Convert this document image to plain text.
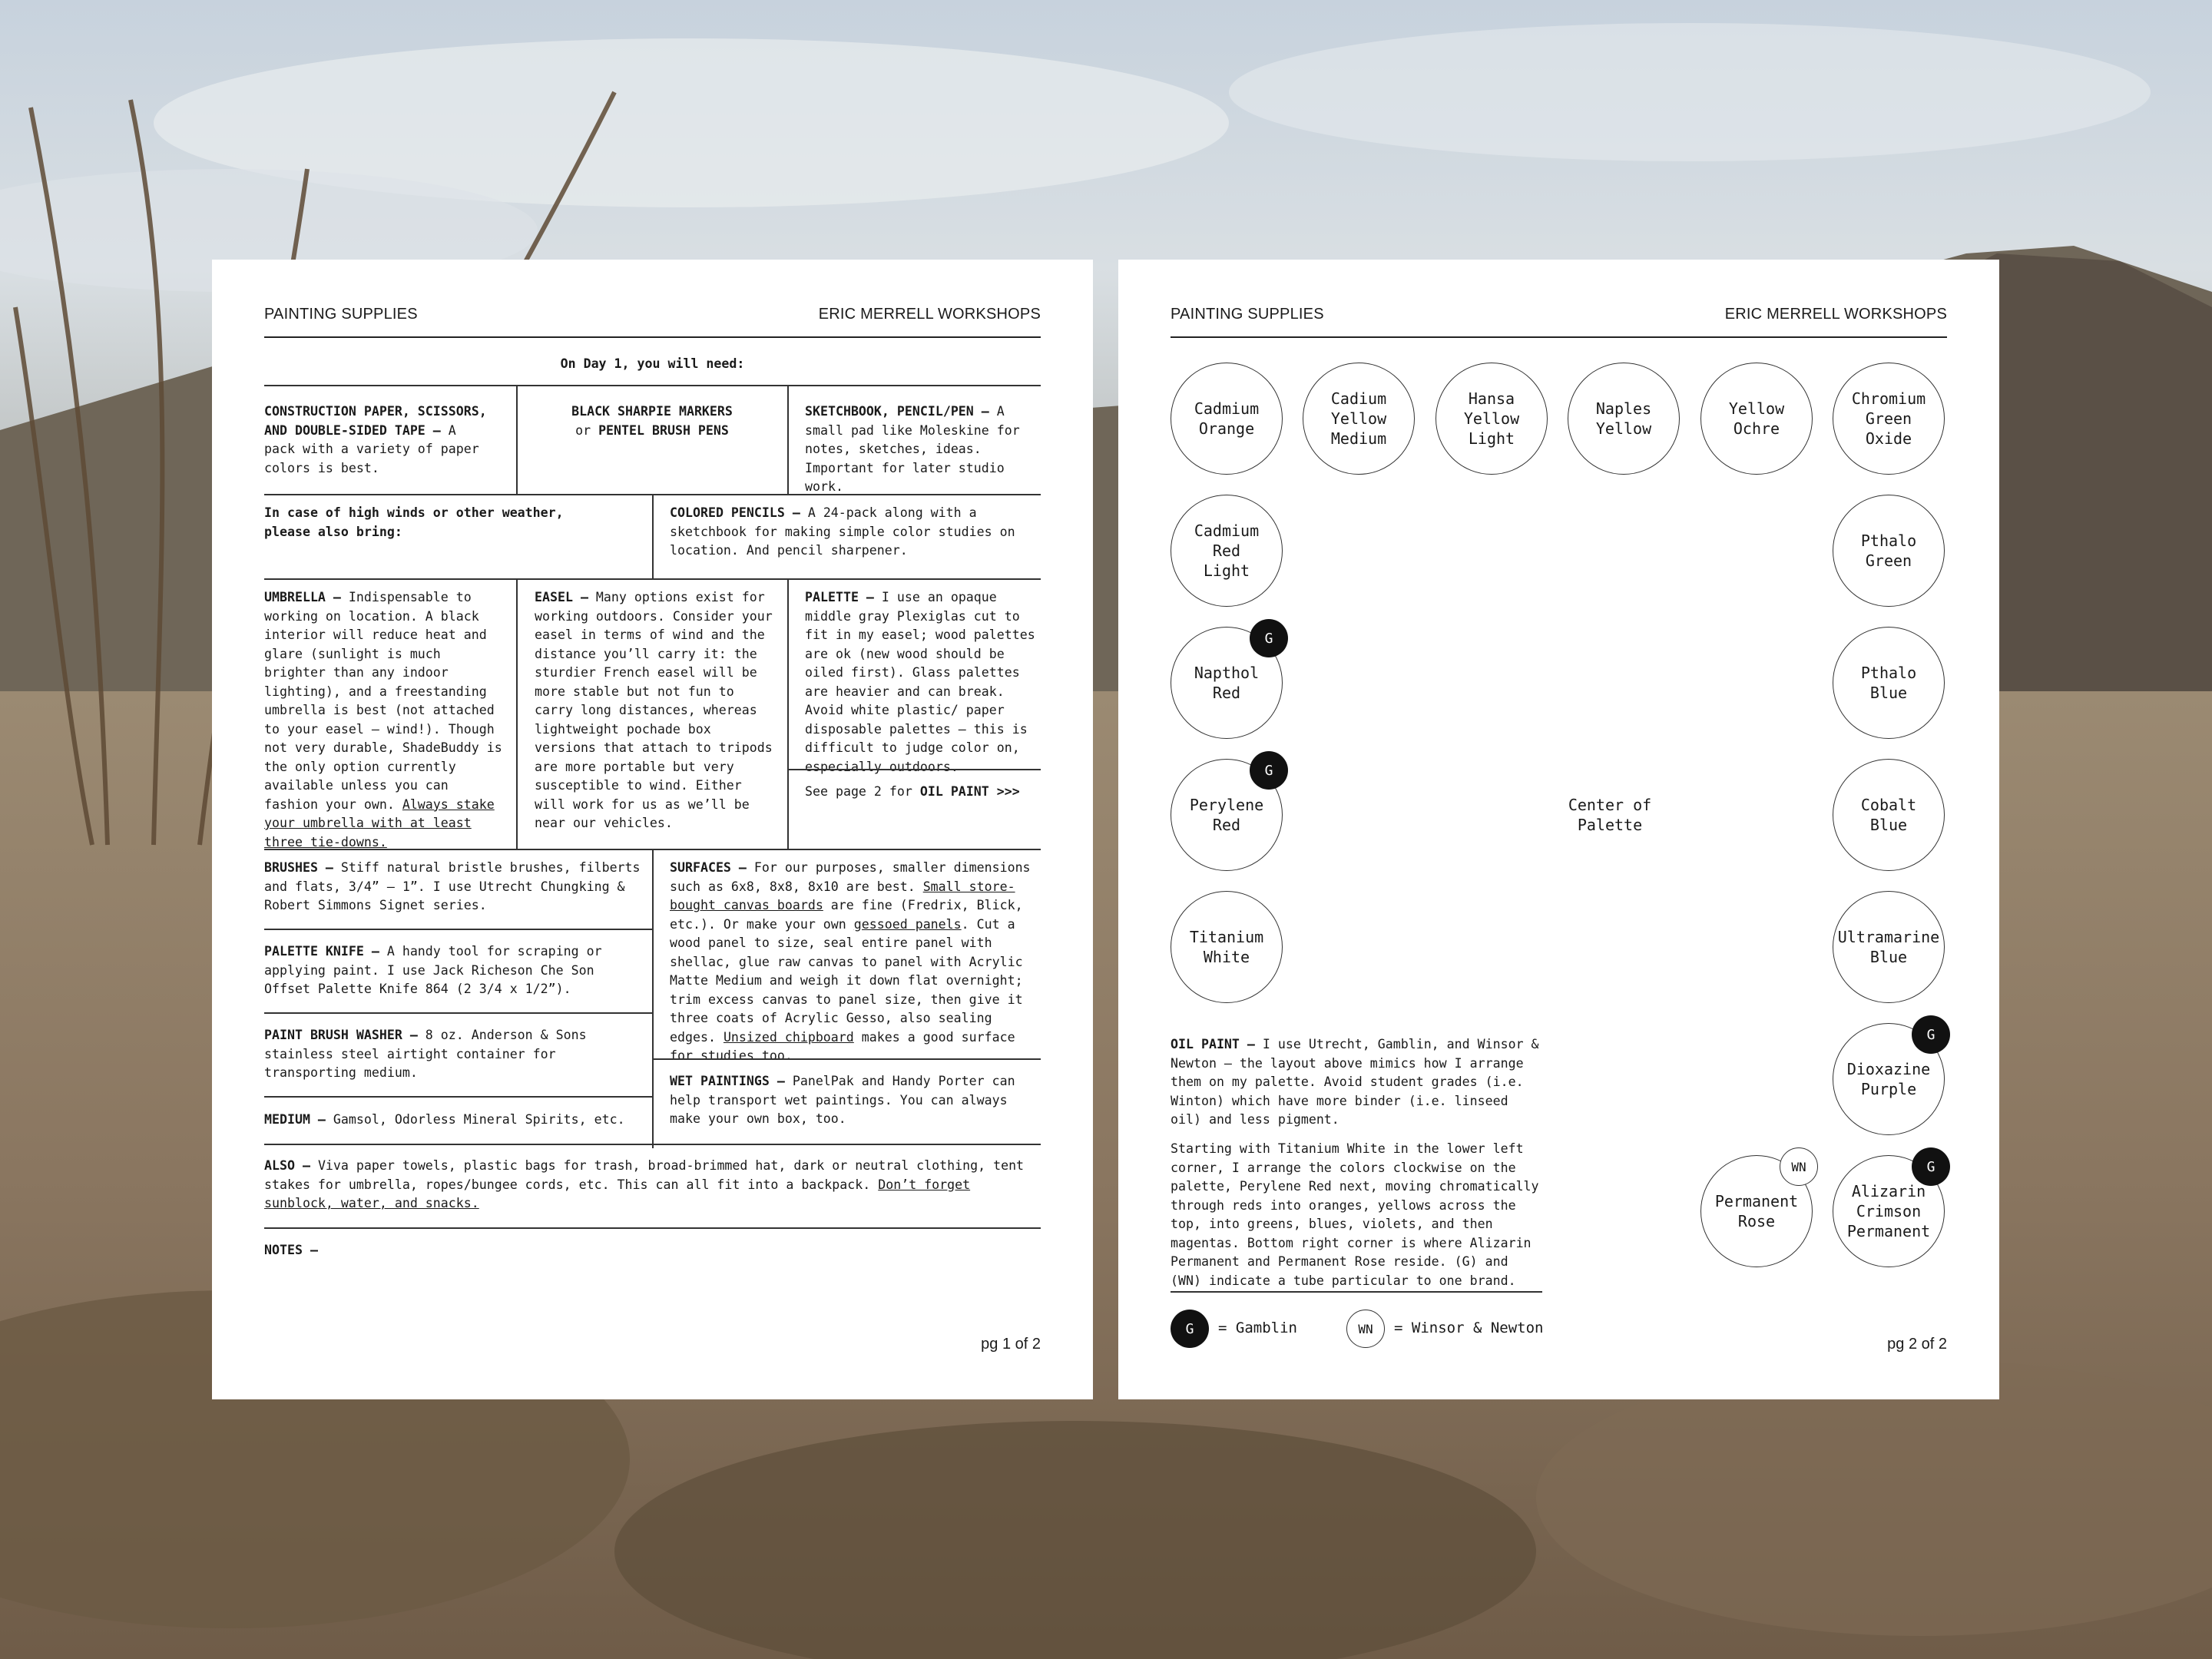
PAINTING SUPPLIES	ERIC MERRELL WORKSHOPS
On Day 1, you will need:
CONSTRUCTION PAPER, SCISSORS, AND DOUBLE-SIDED TAPE – A pack with a variety of paper colors is best.
BLACK SHARPIE MARKERS
or PENTEL BRUSH PENS
SKETCHBOOK, PENCIL/PEN – A small pad like Moleskine for notes, sketches, ideas. Important for later studio work.
In case of high winds or other weather, please also bring:
COLORED PENCILS – A 24-pack along with a sketchbook for making simple color studies on location. And pencil sharpener.
UMBRELLA – Indispensable to working on location. A black interior will reduce heat and glare (sunlight is much brighter than any indoor lighting), and a freestanding umbrella is best (not attached to your easel – wind!). Though not very durable, ShadeBuddy is the only option currently available unless you can fashion your own. Always stake your umbrella with at least three tie-downs.
EASEL – Many options exist for working outdoors. Consider your easel in terms of wind and the distance you’ll carry it: the sturdier French easel will be more stable but not fun to carry long distances, whereas lightweight pochade box versions that attach to tripods are more portable but very susceptible to wind. Either will work for us as we’ll be near our vehicles.
PALETTE – I use an opaque middle gray Plexiglas cut to fit in my easel; wood palettes are ok (new wood should be oiled first). Glass palettes are heavier and can break. Avoid white plastic/ paper disposable palettes – this is difficult to judge color on, especially outdoors.
See page 2 for OIL PAINT >>>
BRUSHES – Stiff natural bristle brushes, filberts and flats, 3/4” – 1”. I use Utrecht Chungking & Robert Simmons Signet series.
PALETTE KNIFE – A handy tool for scraping or applying paint. I use Jack Richeson Che Son Offset Palette Knife 864 (2 3/4 x 1/2”).
PAINT BRUSH WASHER – 8 oz. Anderson & Sons stainless steel airtight container for transporting medium.
MEDIUM – Gamsol, Odorless Mineral Spirits, etc.
SURFACES – For our purposes, smaller dimensions such as 6x8, 8x8, 8x10 are best. Small store-bought canvas boards are fine (Fredrix, Blick, etc.). Or make your own gessoed panels. Cut a wood panel to size, seal entire panel with shellac, glue raw canvas to panel with Acrylic Matte Medium and weigh it down flat overnight; trim excess canvas to panel size, then give it three coats of Acrylic Gesso, also sealing edges. Unsized chipboard makes a good surface for studies too.
WET PAINTINGS – PanelPak and Handy Porter can help transport wet paintings. You can always make your own box, too.
ALSO – Viva paper towels, plastic bags for trash, broad-brimmed hat, dark or neutral clothing, tent stakes for umbrella, ropes/bungee cords, etc. This can all fit into a backpack. Don’t forget sunblock, water, and snacks.
NOTES –
pg 1 of 2
PAINTING SUPPLIES	ERIC MERRELL WORKSHOPS
Cadmium
Orange
Cadium
Yellow
Medium
Hansa
Yellow
Light
Naples
Yellow
Yellow
Ochre
Chromium
Green
Oxide
Cadmium
Red
Light
Napthol
Red
G
Perylene
Red
G
Titanium
White
Center of
Palette
Pthalo
Green
Pthalo
Blue
Cobalt
Blue
Ultramarine
Blue
Dioxazine
Purple
G
Alizarin
Crimson
Permanent
G
Permanent
Rose
WN
OIL PAINT – I use Utrecht, Gamblin, and Winsor & Newton – the layout above mimics how I arrange them on my palette. Avoid student grades (i.e. Winton) which have more binder (i.e. linseed oil) and less pigment.
Starting with Titanium White in the lower left corner, I arrange the colors clockwise on the palette, Perylene Red next, moving chromatically through reds into oranges, yellows across the top, into greens, blues, violets, and then magentas. Bottom right corner is where Alizarin Permanent and Permanent Rose reside. (G) and (WN) indicate a tube particular to one brand.
G	= Gamblin	WN	= Winsor & Newton
pg 2 of 2
